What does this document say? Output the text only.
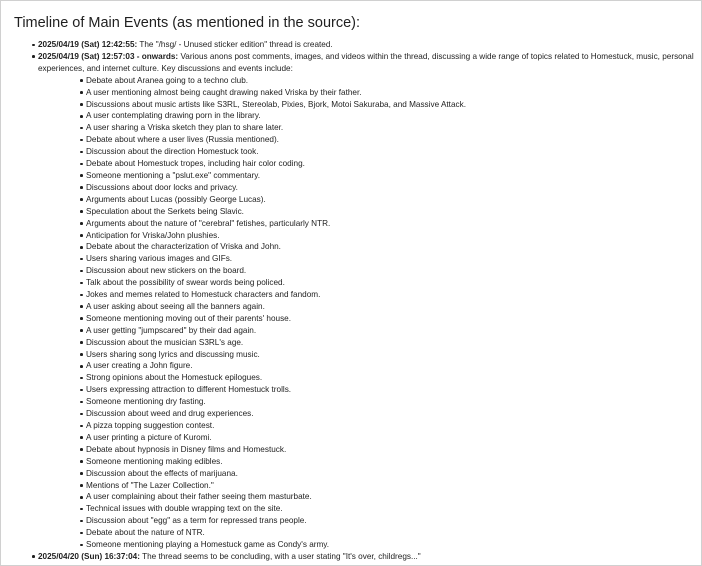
Timeline of Main Events (as mentioned in the source):
2025/04/19 (Sat) 12:42:55: The "/hsg/ - Unused sticker edition" thread is created.
2025/04/19 (Sat) 12:57:03 - onwards: Various anons post comments, images, and videos within the thread, discussing a wide range of topics related to Homestuck, music, personal experiences, and internet culture. Key discussions and events include:
Debate about Aranea going to a techno club.
A user mentioning almost being caught drawing naked Vriska by their father.
Discussions about music artists like S3RL, Stereolab, Pixies, Bjork, Motoi Sakuraba, and Massive Attack.
A user contemplating drawing porn in the library.
A user sharing a Vriska sketch they plan to share later.
Debate about where a user lives (Russia mentioned).
Discussion about the direction Homestuck took.
Debate about Homestuck tropes, including hair color coding.
Someone mentioning a "pslut.exe" commentary.
Discussions about door locks and privacy.
Arguments about Lucas (possibly George Lucas).
Speculation about the Serkets being Slavic.
Arguments about the nature of "cerebral" fetishes, particularly NTR.
Anticipation for Vriska/John plushies.
Debate about the characterization of Vriska and John.
Users sharing various images and GIFs.
Discussion about new stickers on the board.
Talk about the possibility of swear words being policed.
Jokes and memes related to Homestuck characters and fandom.
A user asking about seeing all the banners again.
Someone mentioning moving out of their parents' house.
A user getting "jumpscared" by their dad again.
Discussion about the musician S3RL's age.
Users sharing song lyrics and discussing music.
A user creating a John figure.
Strong opinions about the Homestuck epilogues.
Users expressing attraction to different Homestuck trolls.
Someone mentioning dry fasting.
Discussion about weed and drug experiences.
A pizza topping suggestion contest.
A user printing a picture of Kuromi.
Debate about hypnosis in Disney films and Homestuck.
Someone mentioning making edibles.
Discussion about the effects of marijuana.
Mentions of "The Lazer Collection."
A user complaining about their father seeing them masturbate.
Technical issues with double wrapping text on the site.
Discussion about "egg" as a term for repressed trans people.
Debate about the nature of NTR.
Someone mentioning playing a Homestuck game as Condy's army.
2025/04/20 (Sun) 16:37:04: The thread seems to be concluding, with a user stating "It's over, childregs..."
